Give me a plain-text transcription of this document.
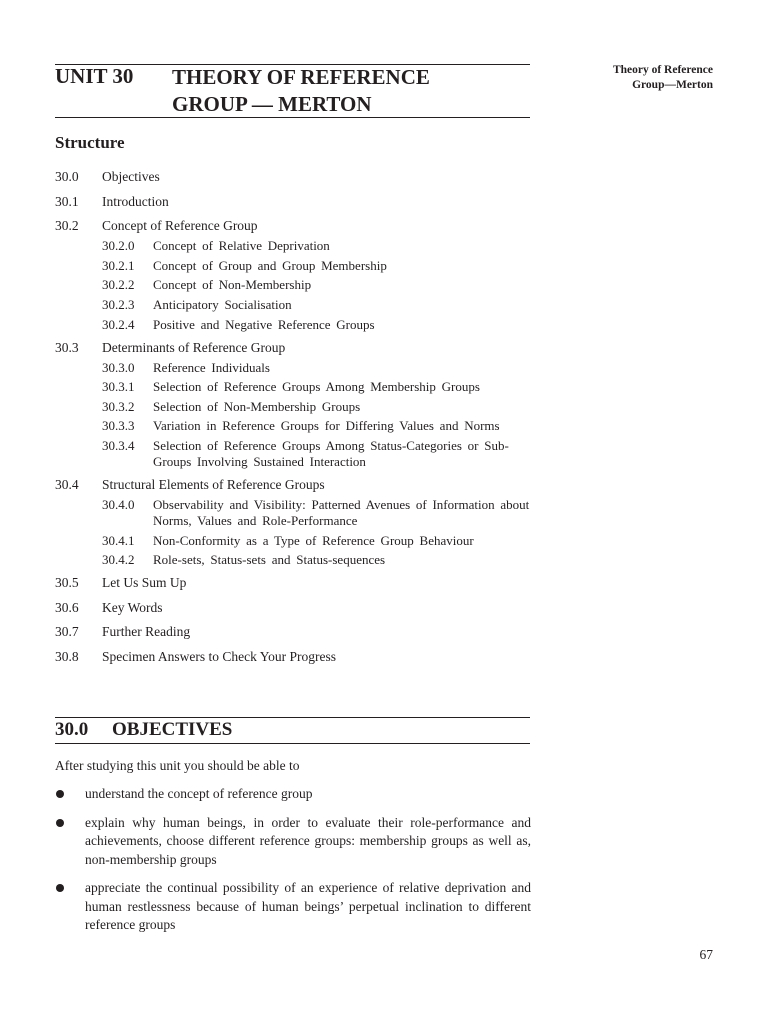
Theory of Reference
Group—Merton
UNIT 30 THEORY OF REFERENCE
GROUP — MERTON
Structure
30.0 Objectives
30.1 Introduction
30.2 Concept of Reference Group
30.2.0 Concept of Relative Deprivation
30.2.1 Concept of Group and Group Membership
30.2.2 Concept of Non-Membership
30.2.3 Anticipatory Socialisation
30.2.4 Positive and Negative Reference Groups
30.3 Determinants of Reference Group
30.3.0 Reference Individuals
30.3.1 Selection of Reference Groups Among Membership Groups
30.3.2 Selection of Non-Membership Groups
30.3.3 Variation in Reference Groups for Differing Values and Norms
30.3.4 Selection of Reference Groups Among Status-Categories or Sub-Groups Involving Sustained Interaction
30.4 Structural Elements of Reference Groups
30.4.0 Observability and Visibility: Patterned Avenues of Information about Norms, Values and Role-Performance
30.4.1 Non-Conformity as a Type of Reference Group Behaviour
30.4.2 Role-sets, Status-sets and Status-sequences
30.5 Let Us Sum Up
30.6 Key Words
30.7 Further Reading
30.8 Specimen Answers to Check Your Progress
30.0 OBJECTIVES
After studying this unit you should be able to
understand the concept of reference group
explain why human beings, in order to evaluate their role-performance and achievements, choose different reference groups: membership groups as well as, non-membership groups
appreciate the continual possibility of an experience of relative deprivation and human restlessness because of human beings’ perpetual inclination to different reference groups
67
